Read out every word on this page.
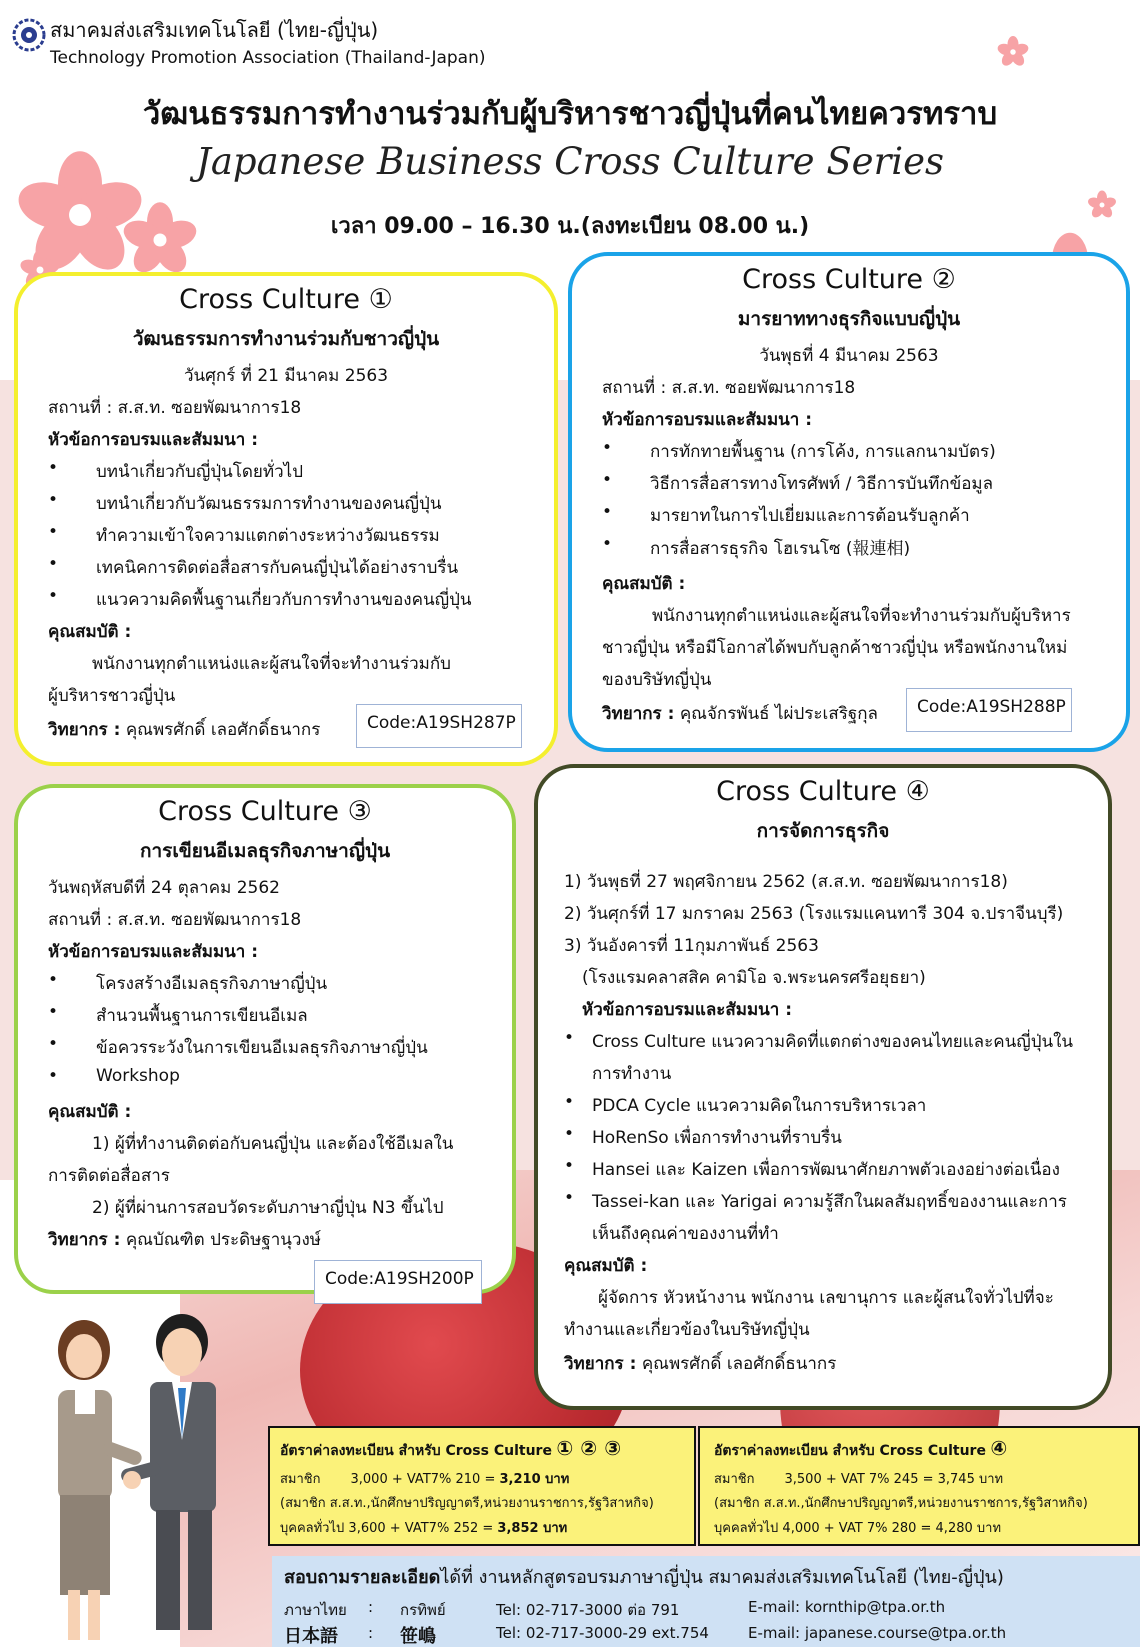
สมาคมส่งเสริมเทคโนโลยี (ไทย-ญี่ปุ่น)
Technology Promotion Association (Thailand-Japan)
วัฒนธรรมการทำงานร่วมกับผู้บริหารชาวญี่ปุ่นที่คนไทยควรทราบ
Japanese Business Cross Culture Series
เวลา 09.00 – 16.30 น.(ลงทะเบียน 08.00 น.)
Cross Culture ①
วัฒนธรรมการทำงานร่วมกับชาวญี่ปุ่น
วันศุกร์ ที่ 21 มีนาคม 2563
สถานที่ : ส.ส.ท. ซอยพัฒนาการ18
หัวข้อการอบรมและสัมมนา :
• บทนำเกี่ยวกับญี่ปุ่นโดยทั่วไป
• บทนำเกี่ยวกับวัฒนธรรมการทำงานของคนญี่ปุ่น
• ทำความเข้าใจความแตกต่างระหว่างวัฒนธรรม
• เทคนิคการติดต่อสื่อสารกับคนญี่ปุ่นได้อย่างราบรื่น
• แนวความคิดพื้นฐานเกี่ยวกับการทำงานของคนญี่ปุ่น
คุณสมบัติ :
พนักงานทุกตำแหน่งและผู้สนใจที่จะทำงานร่วมกับ
ผู้บริหารชาวญี่ปุ่น
วิทยากร : คุณพรศักดิ์ เลอศักดิ์ธนากร	Code:A19SH287P
Cross Culture ②
มารยาททางธุรกิจแบบญี่ปุ่น
วันพุธที่ 4 มีนาคม 2563
สถานที่ : ส.ส.ท. ซอยพัฒนาการ18
หัวข้อการอบรมและสัมมนา :
• การทักทายพื้นฐาน (การโค้ง, การแลกนามบัตร)
• วิธีการสื่อสารทางโทรศัพท์ / วิธีการบันทึกข้อมูล
• มารยาทในการไปเยี่ยมและการต้อนรับลูกค้า
• การสื่อสารธุรกิจ โฮเรนโซ (報連相)
คุณสมบัติ :
พนักงานทุกตำแหน่งและผู้สนใจที่จะทำงานร่วมกับผู้บริหาร
ชาวญี่ปุ่น หรือมีโอกาสได้พบกับลูกค้าชาวญี่ปุ่น หรือพนักงานใหม่
ของบริษัทญี่ปุ่น
วิทยากร : คุณจักรพันธ์ ไผ่ประเสริฐกุล	Code:A19SH288P
Cross Culture ③
การเขียนอีเมลธุรกิจภาษาญี่ปุ่น
วันพฤหัสบดีที่ 24 ตุลาคม 2562
สถานที่ : ส.ส.ท. ซอยพัฒนาการ18
หัวข้อการอบรมและสัมมนา :
• โครงสร้างอีเมลธุรกิจภาษาญี่ปุ่น
• สำนวนพื้นฐานการเขียนอีเมล
• ข้อควรระวังในการเขียนอีเมลธุรกิจภาษาญี่ปุ่น
• Workshop
คุณสมบัติ :
1) ผู้ที่ทำงานติดต่อกับคนญี่ปุ่น และต้องใช้อีเมลใน
การติดต่อสื่อสาร
2) ผู้ที่ผ่านการสอบวัดระดับภาษาญี่ปุ่น N3 ขึ้นไป
วิทยากร : คุณบัณฑิต ประดิษฐานุวงษ์
Code:A19SH200P
Cross Culture ④
การจัดการธุรกิจ
1) วันพุธที่ 27 พฤศจิกายน 2562 (ส.ส.ท. ซอยพัฒนาการ18)
2) วันศุกร์ที่ 17 มกราคม 2563 (โรงแรมแคนทารี 304 จ.ปราจีนบุรี)
3) วันอังคารที่ 11กุมภาพันธ์ 2563
(โรงแรมคลาสสิค คามิโอ จ.พระนครศรีอยุธยา)
หัวข้อการอบรมและสัมมนา :
• Cross Culture แนวความคิดที่แตกต่างของคนไทยและคนญี่ปุ่นใน
การทำงาน
• PDCA Cycle แนวความคิดในการบริหารเวลา
• HoRenSo เพื่อการทำงานที่ราบรื่น
• Hansei และ Kaizen เพื่อการพัฒนาศักยภาพตัวเองอย่างต่อเนื่อง
• Tassei-kan และ Yarigai ความรู้สึกในผลสัมฤทธิ์ของงานและการ
เห็นถึงคุณค่าของงานที่ทำ
คุณสมบัติ :
ผู้จัดการ หัวหน้างาน พนักงาน เลขานุการ และผู้สนใจทั่วไปที่จะ
ทำงานและเกี่ยวข้องในบริษัทญี่ปุ่น
วิทยากร : คุณพรศักดิ์ เลอศักดิ์ธนากร
อัตราค่าลงทะเบียน สำหรับ Cross Culture ① ② ③
สมาชิก 3,000 + VAT7% 210 = 3,210 บาท
(สมาชิก ส.ส.ท.,นักศึกษาปริญญาตรี,หน่วยงานราชการ,รัฐวิสาหกิจ)
บุคคลทั่วไป 3,600 + VAT7% 252 = 3,852 บาท
อัตราค่าลงทะเบียน สำหรับ Cross Culture ④
สมาชิก 3,500 + VAT 7% 245 = 3,745 บาท
(สมาชิก ส.ส.ท.,นักศึกษาปริญญาตรี,หน่วยงานราชการ,รัฐวิสาหกิจ)
บุคคลทั่วไป 4,000 + VAT 7% 280 = 4,280 บาท
สอบถามรายละเอียดได้ที่ งานหลักสูตรอบรมภาษาญี่ปุ่น สมาคมส่งเสริมเทคโนโลยี (ไทย-ญี่ปุ่น)
ภาษาไทย : กรทิพย์	Tel: 02-717-3000 ต่อ 791	E-mail: kornthip@tpa.or.th
日本語 : 笹嶋	Tel: 02-717-3000-29 ext.754	E-mail: japanese.course@tpa.or.th
